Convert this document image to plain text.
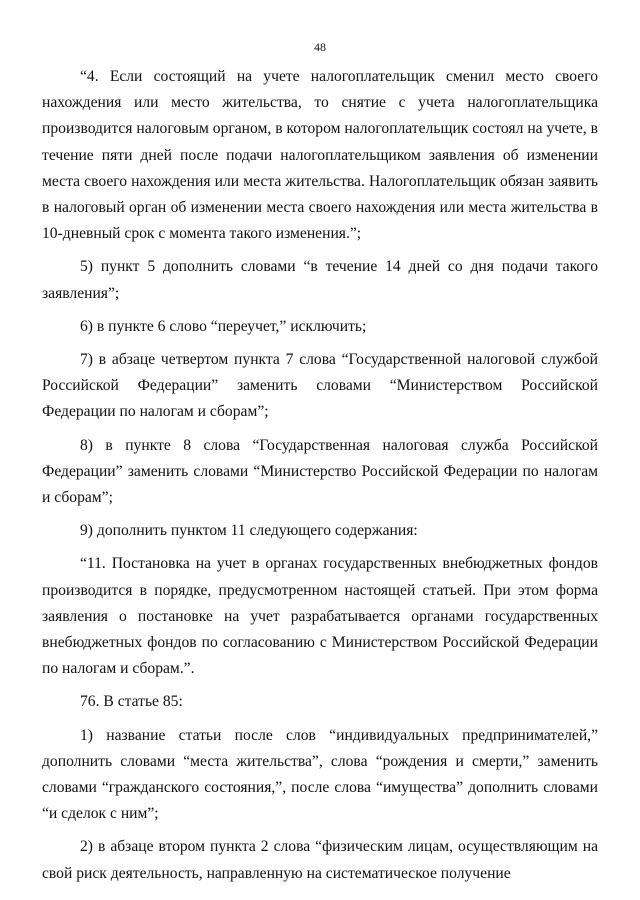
48

“4. Если состоящий на учете налогоплательщик сменил место своего нахождения или место жительства, то снятие с учета налогоплательщика производится налоговым органом, в котором налогоплательщик состоял на учете, в течение пяти дней после подачи налогоплательщиком заявления об изменении места своего нахождения или места жительства. Налогоплательщик обязан заявить в налоговый орган об изменении места своего нахождения или места жительства в 10-дневный срок с момента такого изменения.”;

5) пункт 5 дополнить словами “в течение 14 дней со дня подачи такого заявления”;

6) в пункте 6 слово “переучет,” исключить;

7) в абзаце четвертом пункта 7 слова “Государственной налоговой службой Российской Федерации” заменить словами “Министерством Российской Федерации по налогам и сборам”;

8) в пункте 8 слова “Государственная налоговая служба Российской Федерации” заменить словами “Министерство Российской Федерации по налогам и сборам”;

9) дополнить пунктом 11 следующего содержания:

“11. Постановка на учет в органах государственных внебюджетных фондов производится в порядке, предусмотренном настоящей статьей. При этом форма заявления о постановке на учет разрабатывается органами государственных внебюджетных фондов по согласованию с Министерством Российской Федерации по налогам и сборам.”.

76. В статье 85:

1) название статьи после слов “индивидуальных предпринимателей,” дополнить словами “места жительства”, слова “рождения и смерти,” заменить словами “гражданского состояния,”, после слова “имущества” дополнить словами “и сделок с ним”;

2) в абзаце втором пункта 2 слова “физическим лицам, осуществляющим на свой риск деятельность, направленную на систематическое получение
